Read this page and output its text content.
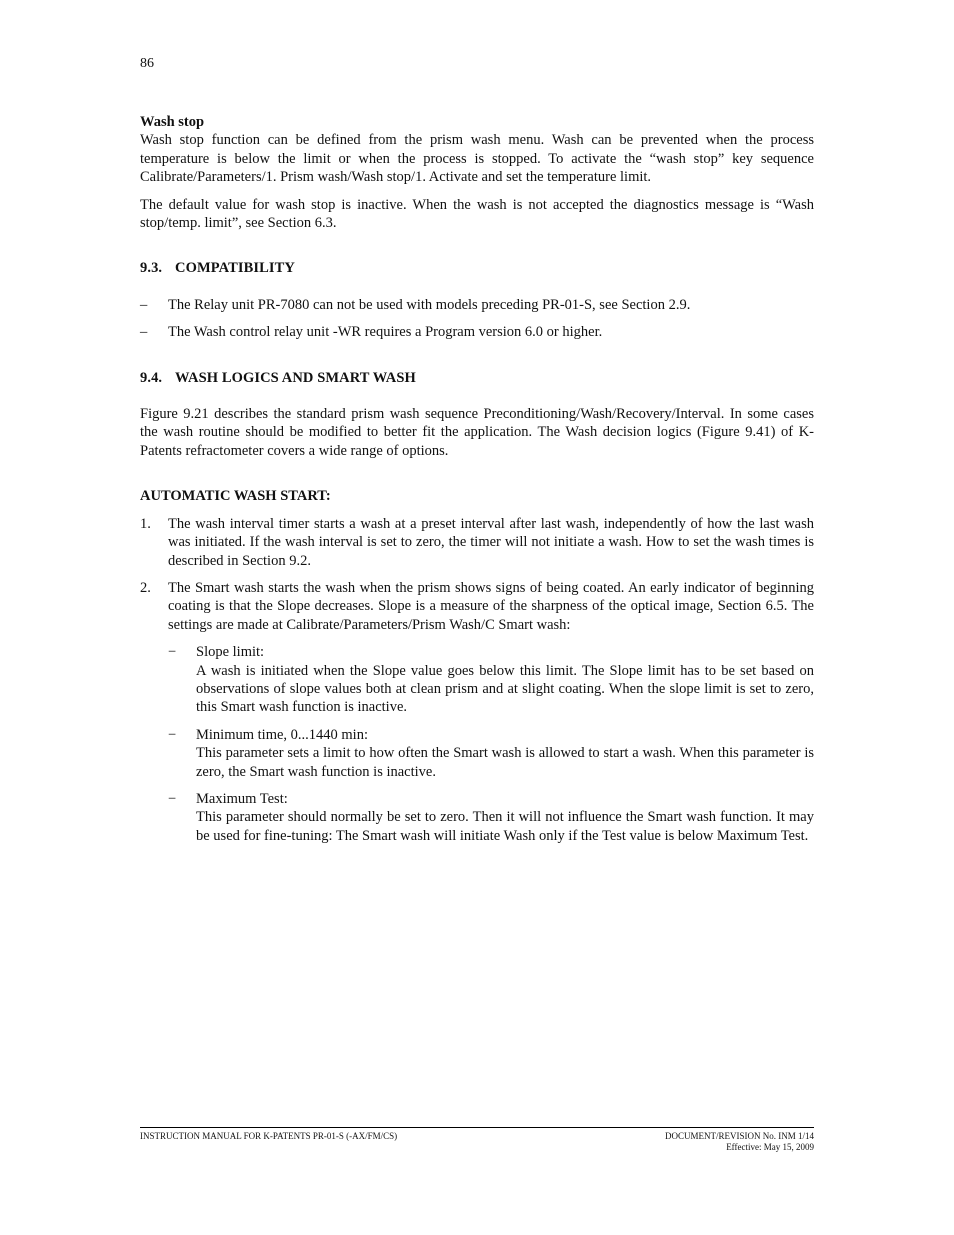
86

Wash stop

Wash stop function can be defined from the prism wash menu. Wash can be prevented when the process temperature is below the limit or when the process is stopped. To activate the “wash stop” key sequence Calibrate/Parameters/1. Prism wash/Wash stop/1. Activate and set the temperature limit.

The default value for wash stop is inactive. When the wash is not accepted the diagnostics message is “Wash stop/temp. limit”, see Section 6.3.

9.3. COMPATIBILITY
– The Relay unit PR-7080 can not be used with models preceding PR-01-S, see Section 2.9.
– The Wash control relay unit -WR requires a Program version 6.0 or higher.
9.4. WASH LOGICS AND SMART WASH

Figure 9.21 describes the standard prism wash sequence Preconditioning/Wash/Recovery/Interval. In some cases the wash routine should be modified to better fit the application. The Wash decision logics (Figure 9.41) of K-Patents refractometer covers a wide range of options.

AUTOMATIC WASH START:

1. The wash interval timer starts a wash at a preset interval after last wash, independently of how the last wash was initiated. If the wash interval is set to zero, the timer will not initiate a wash. How to set the wash times is described in Section 9.2.

2. The Smart wash starts the wash when the prism shows signs of being coated. An early indicator of beginning coating is that the Slope decreases. Slope is a measure of the sharpness of the optical image, Section 6.5. The settings are made at Calibrate/Parameters/Prism Wash/C Smart wash:

− Slope limit:

A wash is initiated when the Slope value goes below this limit. The Slope limit has to be set based on observations of slope values both at clean prism and at slight coating. When the slope limit is set to zero, this Smart wash function is inactive.

− Minimum time, 0...1440 min:

This parameter sets a limit to how often the Smart wash is allowed to start a wash. When this parameter is zero, the Smart wash function is inactive.

− Maximum Test:

This parameter should normally be set to zero. Then it will not influence the Smart wash function. It may be used for fine-tuning: The Smart wash will initiate Wash only if the Test value is below Maximum Test.

INSTRUCTION MANUAL FOR K-PATENTS PR-01-S (-AX/FM/CS)	DOCUMENT/REVISION No. INM 1/14
Effective: May 15, 2009
